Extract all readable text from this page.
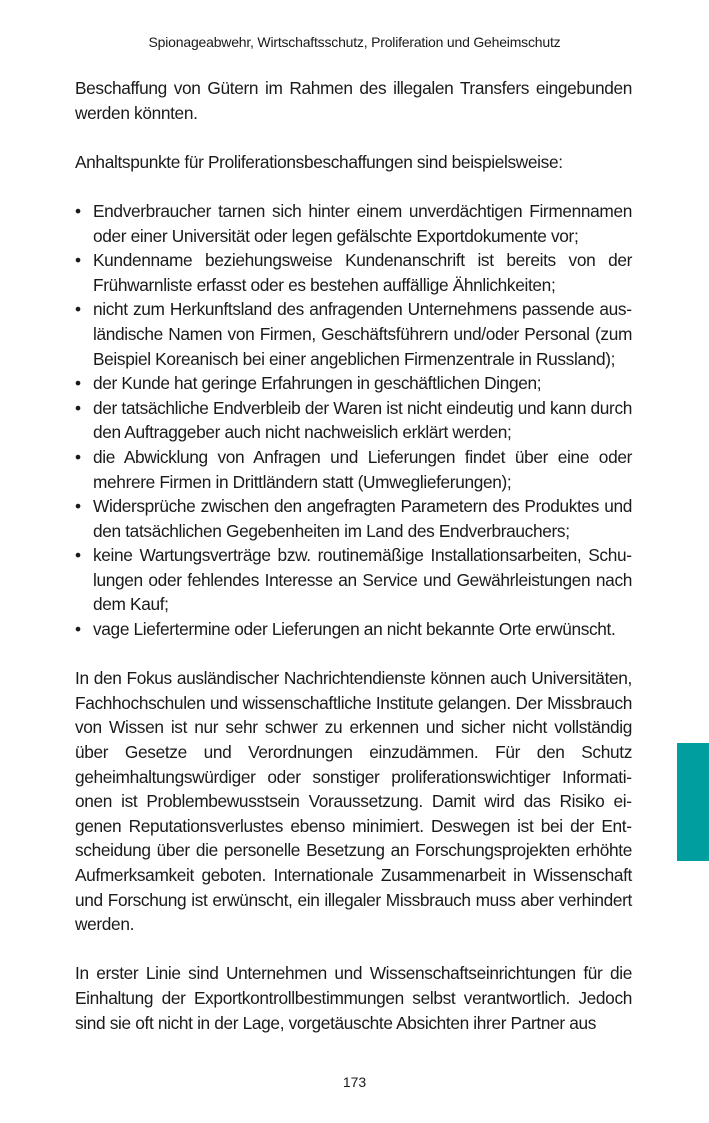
Spionageabwehr, Wirtschaftsschutz, Proliferation und Geheimschutz

Beschaffung von Gütern im Rahmen des illegalen Transfers eingebunden werden könnten.

Anhaltspunkte für Proliferationsbeschaffungen sind beispielsweise:

• Endverbraucher tarnen sich hinter einem unverdächtigen Firmennamen oder einer Universität oder legen gefälschte Exportdokumente vor;
• Kundenname beziehungsweise Kundenanschrift ist bereits von der Frühwarnliste erfasst oder es bestehen auffällige Ähnlichkeiten;
• nicht zum Herkunftsland des anfragenden Unternehmens passende ausländische Namen von Firmen, Geschäftsführern und/oder Personal (zum Beispiel Koreanisch bei einer angeblichen Firmenzentrale in Russland);
• der Kunde hat geringe Erfahrungen in geschäftlichen Dingen;
• der tatsächliche Endverbleib der Waren ist nicht eindeutig und kann durch den Auftraggeber auch nicht nachweislich erklärt werden;
• die Abwicklung von Anfragen und Lieferungen findet über eine oder mehrere Firmen in Drittländern statt (Umweglieferungen);
• Widersprüche zwischen den angefragten Parametern des Produktes und den tatsächlichen Gegebenheiten im Land des Endverbrauchers;
• keine Wartungsverträge bzw. routinemäßige Installationsarbeiten, Schulungen oder fehlendes Interesse an Service und Gewährleistungen nach dem Kauf;
• vage Liefertermine oder Lieferungen an nicht bekannte Orte erwünscht.

In den Fokus ausländischer Nachrichtendienste können auch Universitäten, Fachhochschulen und wissenschaftliche Institute gelangen. Der Missbrauch von Wissen ist nur sehr schwer zu erkennen und sicher nicht vollständig über Gesetze und Verordnungen einzudämmen. Für den Schutz geheimhaltungswürdiger oder sonstiger proliferationswichtiger Informationen ist Problembewusstsein Voraussetzung. Damit wird das Risiko eigenen Reputationsverlustes ebenso minimiert. Deswegen ist bei der Entscheidung über die personelle Besetzung an Forschungsprojekten erhöhte Aufmerksamkeit geboten. Internationale Zusammenarbeit in Wissenschaft und Forschung ist erwünscht, ein illegaler Missbrauch muss aber verhindert werden.

In erster Linie sind Unternehmen und Wissenschaftseinrichtungen für die Einhaltung der Exportkontrollbestimmungen selbst verantwortlich. Jedoch sind sie oft nicht in der Lage, vorgetäuschte Absichten ihrer Partner aus

173
